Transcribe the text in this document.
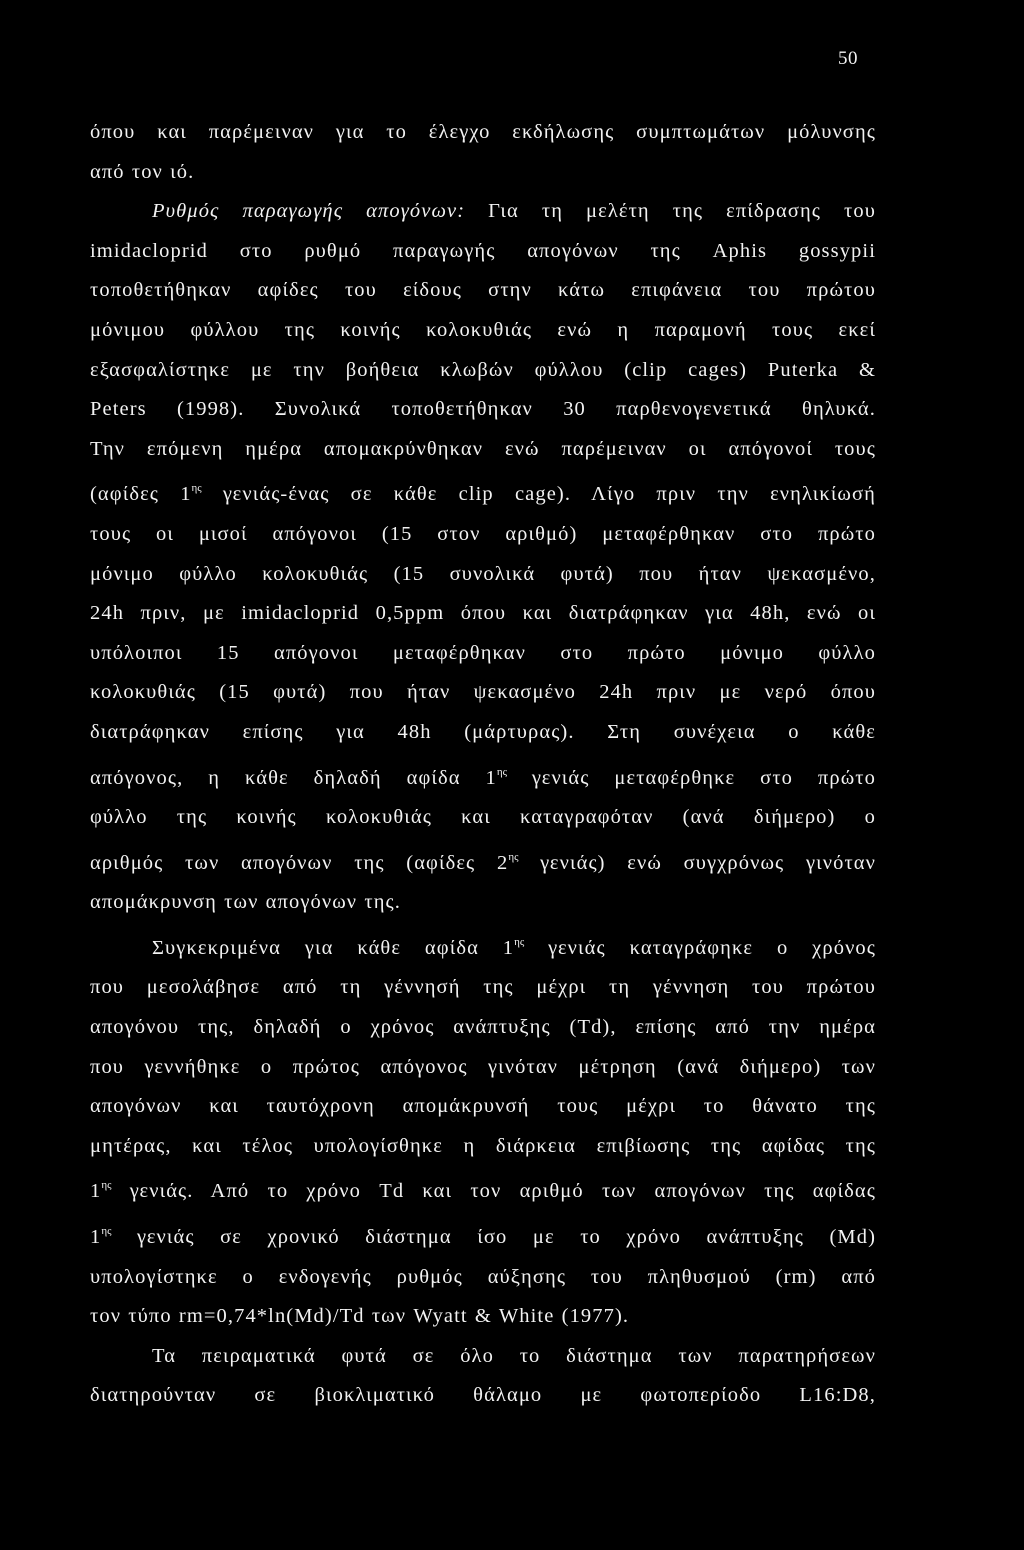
50
όπου και παρέμειναν για το έλεγχο εκδήλωσης συμπτωμάτων μόλυνσης
από τον ιό.
Ρυθμός παραγωγής απογόνων: Για τη μελέτη της επίδρασης του
imidacloprid στο ρυθμό παραγωγής απογόνων της Aphis gossypii
τοποθετήθηκαν αφίδες του είδους στην κάτω επιφάνεια του πρώτου
μόνιμου φύλλου της κοινής κολοκυθιάς ενώ η παραμονή τους εκεί
εξασφαλίστηκε με την βοήθεια κλωβών φύλλου (clip cages) Puterka &
Peters (1998). Συνολικά τοποθετήθηκαν 30 παρθενογενετικά θηλυκά.
Την επόμενη ημέρα απομακρύνθηκαν ενώ παρέμειναν οι απόγονοί τους
(αφίδες $1^{\eta\varsigma}$ γενιάς-ένας σε κάθε clip cage). Λίγο πριν την ενηλικίωσή
τους οι μισοί απόγονοι (15 στον αριθμό) μεταφέρθηκαν στο πρώτο
μόνιμο φύλλο κολοκυθιάς (15 συνολικά φυτά) που ήταν ψεκασμένο,
24h πριν, με imidacloprid 0,5ppm όπου και διατράφηκαν για 48h, ενώ οι
υπόλοιποι 15 απόγονοι μεταφέρθηκαν στο πρώτο μόνιμο φύλλο
κολοκυθιάς (15 φυτά) που ήταν ψεκασμένο 24h πριν με νερό όπου
διατράφηκαν επίσης για 48h (μάρτυρας). Στη συνέχεια ο κάθε
απόγονος, η κάθε δηλαδή αφίδα $1^{\eta\varsigma}$ γενιάς μεταφέρθηκε στο πρώτο
φύλλο της κοινής κολοκυθιάς και καταγραφόταν (ανά διήμερο) ο
αριθμός των απογόνων της (αφίδες $2^{\eta\varsigma}$ γενιάς) ενώ συγχρόνως γινόταν
απομάκρυνση των απογόνων της.
Συγκεκριμένα για κάθε αφίδα $1^{\eta\varsigma}$ γενιάς καταγράφηκε ο χρόνος
που μεσολάβησε από τη γέννησή της μέχρι τη γέννηση του πρώτου
απογόνου της, δηλαδή ο χρόνος ανάπτυξης (Td), επίσης από την ημέρα
που γεννήθηκε ο πρώτος απόγονος γινόταν μέτρηση (ανά διήμερο) των
απογόνων και ταυτόχρονη απομάκρυνσή τους μέχρι το θάνατο της
μητέρας, και τέλος υπολογίσθηκε η διάρκεια επιβίωσης της αφίδας της
$1^{\eta\varsigma}$ γενιάς. Από το χρόνο Td και τον αριθμό των απογόνων της αφίδας
$1^{\eta\varsigma}$ γενιάς σε χρονικό διάστημα ίσο με το χρόνο ανάπτυξης (Md)
υπολογίστηκε ο ενδογενής ρυθμός αύξησης του πληθυσμού (rm) από
τον τύπο rm=0,74*ln(Md)/Td των Wyatt & White (1977).
Τα πειραματικά φυτά σε όλο το διάστημα των παρατηρήσεων
διατηρούνταν σε βιοκλιματικό θάλαμο με φωτοπερίοδο L16:D8,
